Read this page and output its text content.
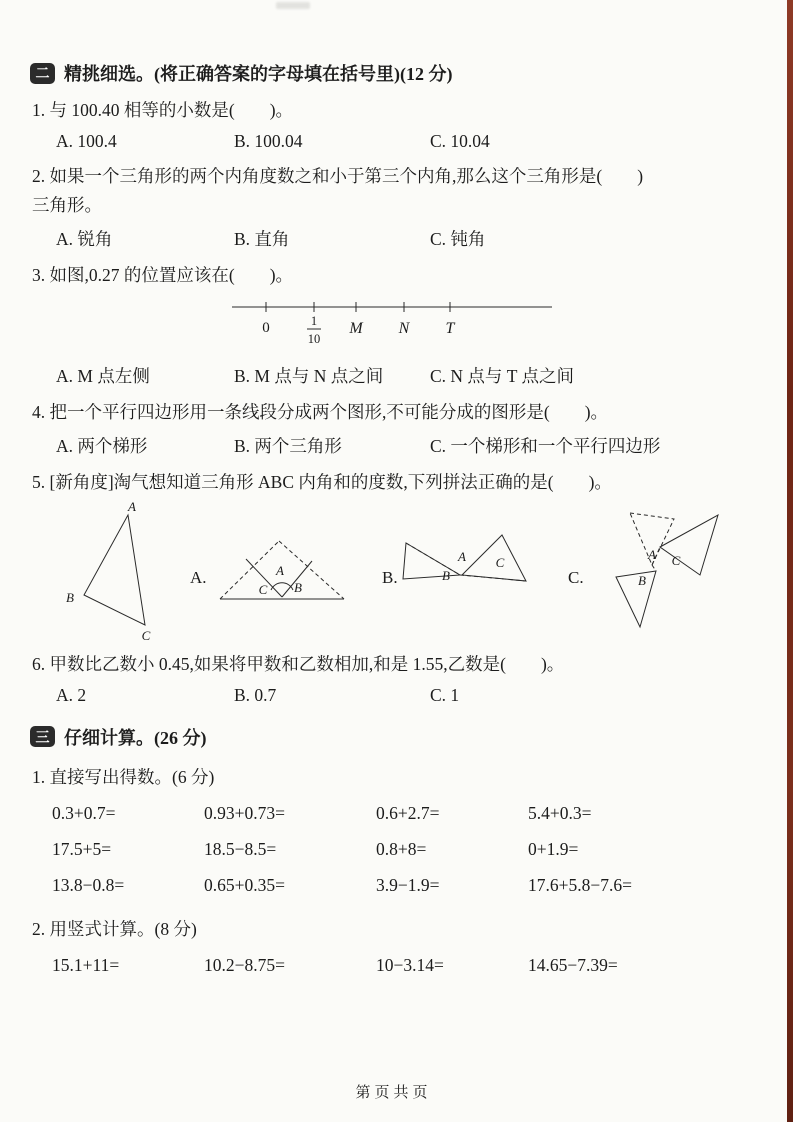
二 精挑细选。(将正确答案的字母填在括号里)(12 分)
1. 与 100.40 相等的小数是(　　)。
A. 100.4	B. 100.04	C. 10.04
2. 如果一个三角形的两个内角度数之和小于第三个内角,那么这个三角形是(　　)
三角形。
A. 锐角	B. 直角	C. 钝角
3. 如图,0.27 的位置应该在(　　)。
0	1
10
M N T
A. M 点左侧	B. M 点与 N 点之间	C. N 点与 T 点之间
4. 把一个平行四边形用一条线段分成两个图形,不可能分成的图形是(　　)。
A. 两个梯形	B. 两个三角形	C. 一个梯形和一个平行四边形
5. [新角度]淘气想知道三角形 ABC 内角和的度数,下列拼法正确的是(　　)。
A
B
C
A.	A
C B
B.
A
B
C
C.
A C
B
6. 甲数比乙数小 0.45,如果将甲数和乙数相加,和是 1.55,乙数是(　　)。
A. 2	B. 0.7	C. 1
三 仔细计算。(26 分)
1. 直接写出得数。(6 分)
0.3+0.7=	0.93+0.73=	0.6+2.7=	5.4+0.3=
17.5+5=	18.5−8.5=	0.8+8=	0+1.9=
13.8−0.8=	0.65+0.35=	3.9−1.9=	17.6+5.8−7.6=
2. 用竖式计算。(8 分)
15.1+11=	10.2−8.75=	10−3.14=	14.65−7.39=
第页共页
